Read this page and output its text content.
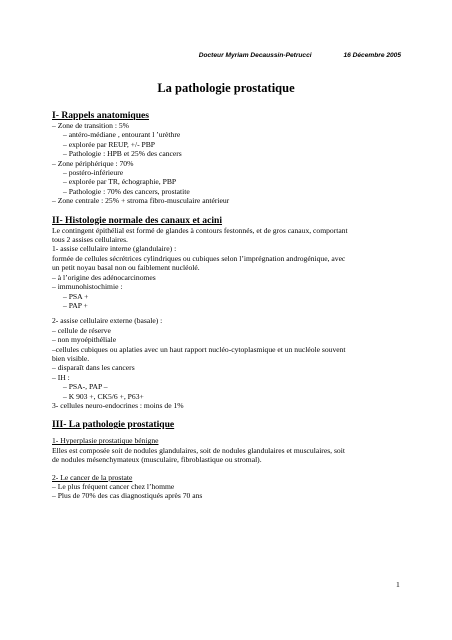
Docteur Myriam Decaussin-Petrucci	16 Décembre 2005
La pathologie prostatique
I- Rappels anatomiques
– Zone de transition : 5%
– antéro-médiane , entourant l ’urèthre
– exploréе par REUP, +/- PBP
– Pathologie : HPB et 25% des cancers
– Zone périphérique : 70%
– postéro-inférieure
– exploréе par TR, échographie, PBP
– Pathologie : 70% des cancers, prostatite
– Zone centrale : 25% + stroma fibro-musculaire antérieur
II- Histologie normale des canaux et acini
Le contingent épithélial est formé de glandes à contours festonnés, et de gros canaux, comportant
tous 2 assises cellulaires.
1- assise cellulaire interne (glandulaire) :
formée de cellules sécrétrices cylindriques ou cubiques selon l’imprégnation androgénique, avec
un petit noyau basal non ou faiblement nucléolé.
– à l’origine des adénocarcinomes
– immunohistochimie :
– PSA +
– PAP +
2- assise cellulaire externe (basale) :
– cellule de réserve
– non myoépithéliale
–cellules cubiques ou aplaties avec un haut rapport nucléo-cytoplasmique et un nucléole souvent
bien visible.
– disparaît dans les cancers
– IH :
– PSA-, PAP –
– K 903 +, CK5/6 +, P63+
3- cellules neuro-endocrines : moins de 1%
III- La pathologie prostatique
1- Hyperplasie prostatique bénigne
Elles est composée soit de nodules glandulaires, soit de nodules glandulaires et musculaires, soit
de nodules mésenchymateux (musculaire, fibroblastique ou stromal).
2- Le cancer de la prostate
– Le plus fréquent cancer chez l’homme
– Plus de 70% des cas diagnostiqués après 70 ans
1
